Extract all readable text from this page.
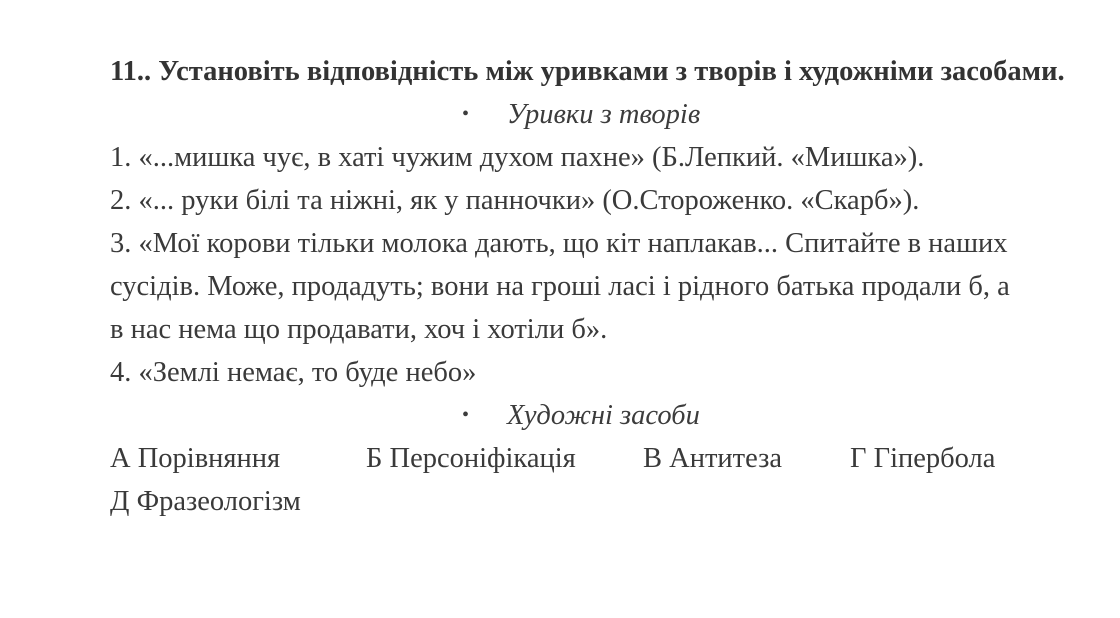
11.. Установіть відповідність між уривками з творів і художніми засобами.

• Уривки з творів

1. «...мишка чує, в хаті чужим духом пахне» (Б.Лепкий. «Мишка»).

2. «... руки білі та ніжні, як у панночки» (О.Стороженко. «Скарб»).

3. «Мої корови тільки молока дають, що кіт наплакав... Спитайте в наших

сусідів. Може, продадуть; вони на гроші ласі і рідного батька продали б, а

в нас нема що продавати, хоч і хотіли б».

4. «Землі немає, то буде небо»

• Художні засоби

А Порівняння	Б Персоніфікація В Антитеза Г Гіпербола

Д Фразеологізм
